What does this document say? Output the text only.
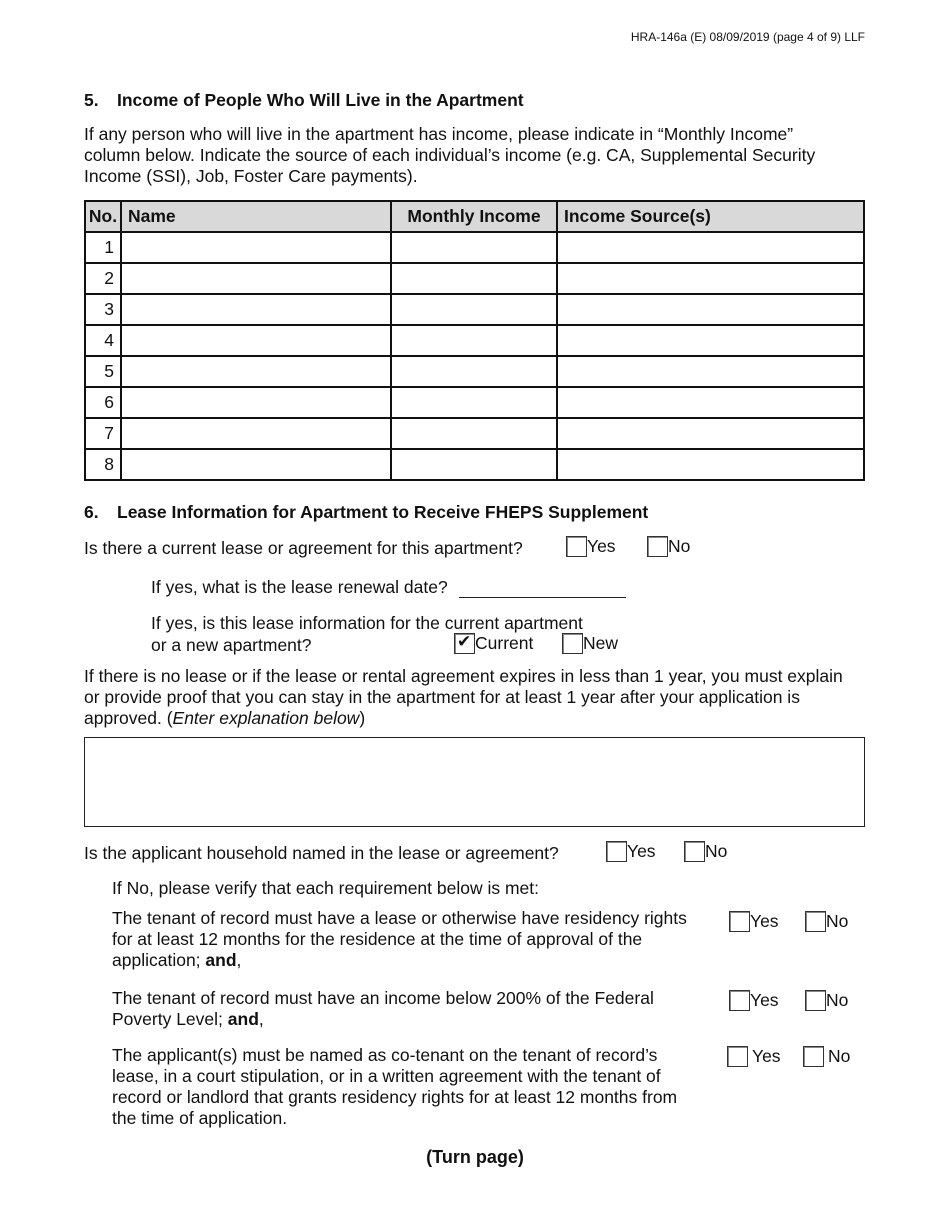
HRA-146a (E) 08/09/2019 (page 4 of 9) LLF
5. Income of People Who Will Live in the Apartment
If any person who will live in the apartment has income, please indicate in “Monthly Income” column below. Indicate the source of each individual’s income (e.g. CA, Supplemental Security Income (SSI), Job, Foster Care payments).
No.	Name	Monthly Income	Income Source(s)
1			
2			
3			
4			
5			
6			
7			
8			
6. Lease Information for Apartment to Receive FHEPS Supplement
Is there a current lease or agreement for this apartment?	Yes	No
If yes, what is the lease renewal date?
If yes, is this lease information for the current apartment
or a new apartment? ✔	Current	New
If there is no lease or if the lease or rental agreement expires in less than 1 year, you must explain or provide proof that you can stay in the apartment for at least 1 year after your application is approved. (Enter explanation below)
Is the applicant household named in the lease or agreement?	Yes	No
If No, please verify that each requirement below is met:
The tenant of record must have a lease or otherwise have residency rights for at least 12 months for the residence at the time of approval of the application; and,
Yes	No
The tenant of record must have an income below 200% of the Federal Poverty Level; and,
Yes	No
The applicant(s) must be named as co-tenant on the tenant of record’s lease, in a court stipulation, or in a written agreement with the tenant of record or landlord that grants residency rights for at least 12 months from the time of application.
Yes	No
(Turn page)
